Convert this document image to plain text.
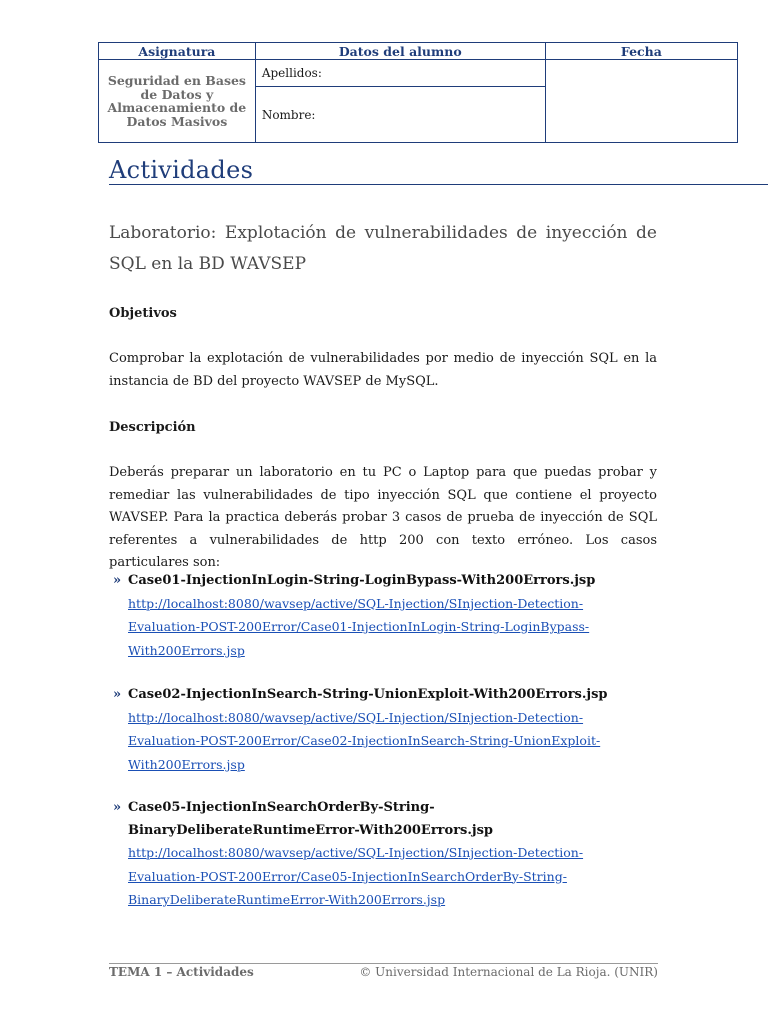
Asignatura	Datos del alumno	Fecha
Seguridad en Bases de Datos y Almacenamiento de Datos Masivos	Apellidos:	
	Nombre:	
Actividades
Laboratorio: Explotación de vulnerabilidades de inyección de SQL en la BD WAVSEP
Objetivos
Comprobar la explotación de vulnerabilidades por medio de inyección SQL en la instancia de BD del proyecto WAVSEP de MySQL.
Descripción
Deberás preparar un laboratorio en tu PC o Laptop para que puedas probar y remediar las vulnerabilidades de tipo inyección SQL que contiene el proyecto WAVSEP. Para la practica deberás probar 3 casos de prueba de inyección de SQL referentes a vulnerabilidades de http 200 con texto erróneo. Los casos particulares son:
» Case01-InjectionInLogin-String-LoginBypass-With200Errors.jsp
http://localhost:8080/wavsep/active/SQL-Injection/SInjection-Detection-
Evaluation-POST-200Error/Case01-InjectionInLogin-String-LoginBypass-
With200Errors.jsp
» Case02-InjectionInSearch-String-UnionExploit-With200Errors.jsp
http://localhost:8080/wavsep/active/SQL-Injection/SInjection-Detection-
Evaluation-POST-200Error/Case02-InjectionInSearch-String-UnionExploit-
With200Errors.jsp
» Case05-InjectionInSearchOrderBy-String-
BinaryDeliberateRuntimeError-With200Errors.jsp
http://localhost:8080/wavsep/active/SQL-Injection/SInjection-Detection-
Evaluation-POST-200Error/Case05-InjectionInSearchOrderBy-String-
BinaryDeliberateRuntimeError-With200Errors.jsp
TEMA 1 – Actividades	© Universidad Internacional de La Rioja. (UNIR)
